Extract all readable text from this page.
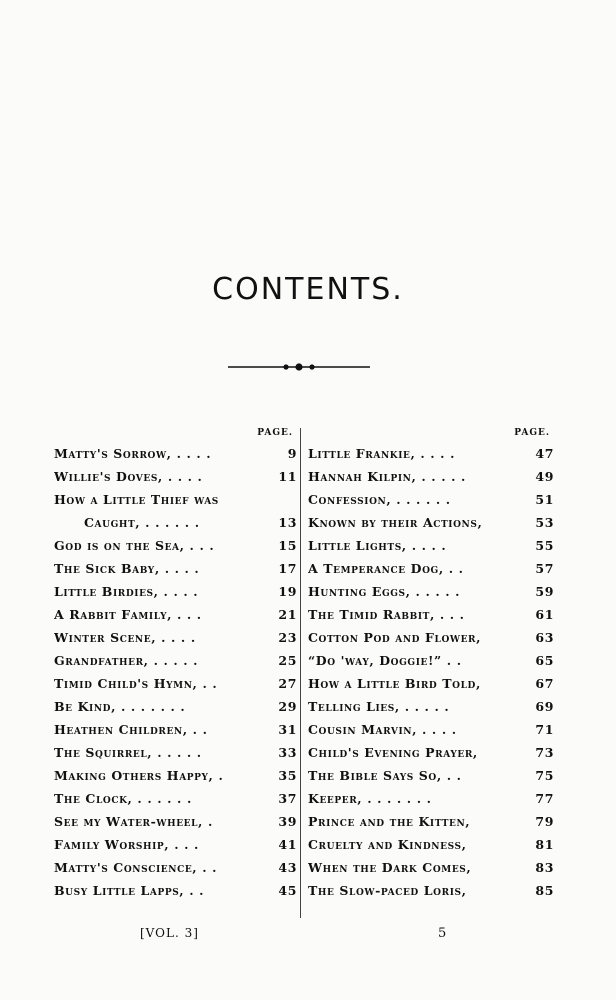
CONTENTS.
PAGE.
Matty's Sorrow, . . . .	9
Willie's Doves, . . . .	11
How a Little Thief was
Caught, . . . . . .	13
God is on the Sea, . . .	15
The Sick Baby, . . . .	17
Little Birdies, . . . .	19
A Rabbit Family, . . .	21
Winter Scene, . . . .	23
Grandfather, . . . . .	25
Timid Child's Hymn, . .	27
Be Kind, . . . . . . .	29
Heathen Children, . .	31
The Squirrel, . . . . .	33
Making Others Happy, .	35
The Clock, . . . . . .	37
See my Water-wheel, .	39
Family Worship, . . .	41
Matty's Conscience, . .	43
Busy Little Lapps, . .	45
PAGE.
Little Frankie, . . . .	47
Hannah Kilpin, . . . . .	49
Confession, . . . . . .	51
Known by their Actions,	53
Little Lights, . . . .	55
A Temperance Dog, . .	57
Hunting Eggs, . . . . .	59
The Timid Rabbit, . . .	61
Cotton Pod and Flower,	63
“Do 'way, Doggie!” . .	65
How a Little Bird Told,	67
Telling Lies, . . . . .	69
Cousin Marvin, . . . .	71
Child's Evening Prayer,	73
The Bible Says So, . .	75
Keeper, . . . . . . .	77
Prince and the Kitten,	79
Cruelty and Kindness,	81
When the Dark Comes,	83
The Slow-paced Loris,	85
[VOL. 3]	5
